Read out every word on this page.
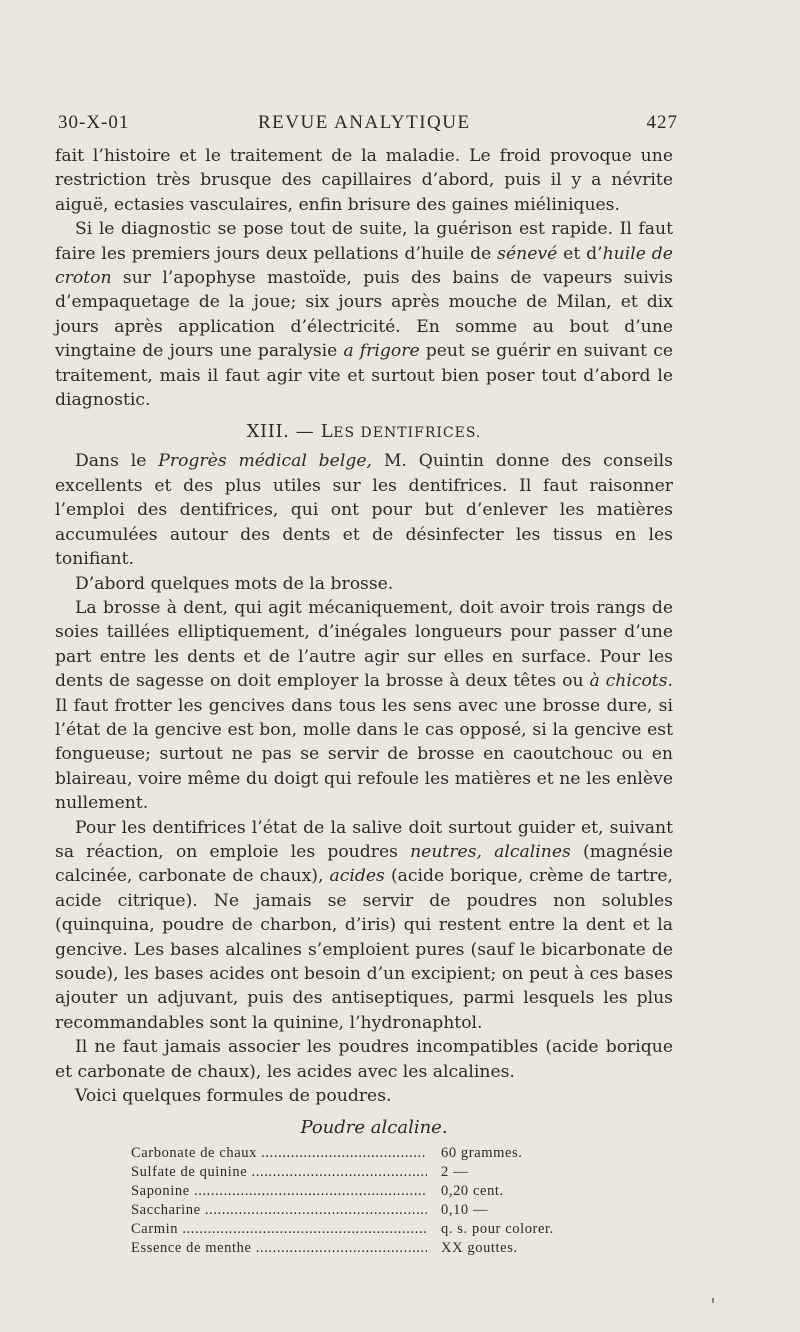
30-X-01	REVUE ANALYTIQUE	427

fait l’histoire et le traitement de la maladie. Le froid provoque une restriction très brusque des capillaires d’abord, puis il y a névrite aiguë, ectasies vasculaires, enfin brisure des gaines miéliniques.

Si le diagnostic se pose tout de suite, la guérison est rapide. Il faut faire les premiers jours deux pellations d’huile de sénevé et d’huile de croton sur l’apophyse mastoïde, puis des bains de vapeurs suivis d’empaquetage de la joue; six jours après mouche de Milan, et dix jours après application d’électricité. En somme au bout d’une vingtaine de jours une paralysie a frigore peut se guérir en suivant ce traitement, mais il faut agir vite et surtout bien poser tout d’abord le diagnostic.

XIII. — LES DENTIFRICES.

Dans le Progrès médical belge, M. Quintin donne des conseils excellents et des plus utiles sur les dentifrices. Il faut raisonner l’emploi des dentifrices, qui ont pour but d’enlever les matières accumulées autour des dents et de désinfecter les tissus en les tonifiant.

D’abord quelques mots de la brosse.

La brosse à dent, qui agit mécaniquement, doit avoir trois rangs de soies taillées elliptiquement, d’inégales longueurs pour passer d’une part entre les dents et de l’autre agir sur elles en surface. Pour les dents de sagesse on doit employer la brosse à deux têtes ou à chicots. Il faut frotter les gencives dans tous les sens avec une brosse dure, si l’état de la gencive est bon, molle dans le cas opposé, si la gencive est fongueuse; surtout ne pas se servir de brosse en caoutchouc ou en blaireau, voire même du doigt qui refoule les matières et ne les enlève nullement.

Pour les dentifrices l’état de la salive doit surtout guider et, suivant sa réaction, on emploie les poudres neutres, alcalines (magnésie calcinée, carbonate de chaux), acides (acide borique, crème de tartre, acide citrique). Ne jamais se servir de poudres non solubles (quinquina, poudre de charbon, d’iris) qui restent entre la dent et la gencive. Les bases alcalines s’emploient pures (sauf le bicarbonate de soude), les bases acides ont besoin d’un excipient; on peut à ces bases ajouter un adjuvant, puis des antiseptiques, parmi lesquels les plus recommandables sont la quinine, l’hydronaphtol.

Il ne faut jamais associer les poudres incompatibles (acide borique et carbonate de chaux), les acides avec les alcalines.

Voici quelques formules de poudres.

Poudre alcaline.
Carbonate de chaux .....	60 grammes.
Sulfate de quinine .....	2 —
Saponine .....	0,20 cent.
Saccharine .....	0,10 —
Carmin .....	q. s. pour colorer.
Essence de menthe .....	XX gouttes.
